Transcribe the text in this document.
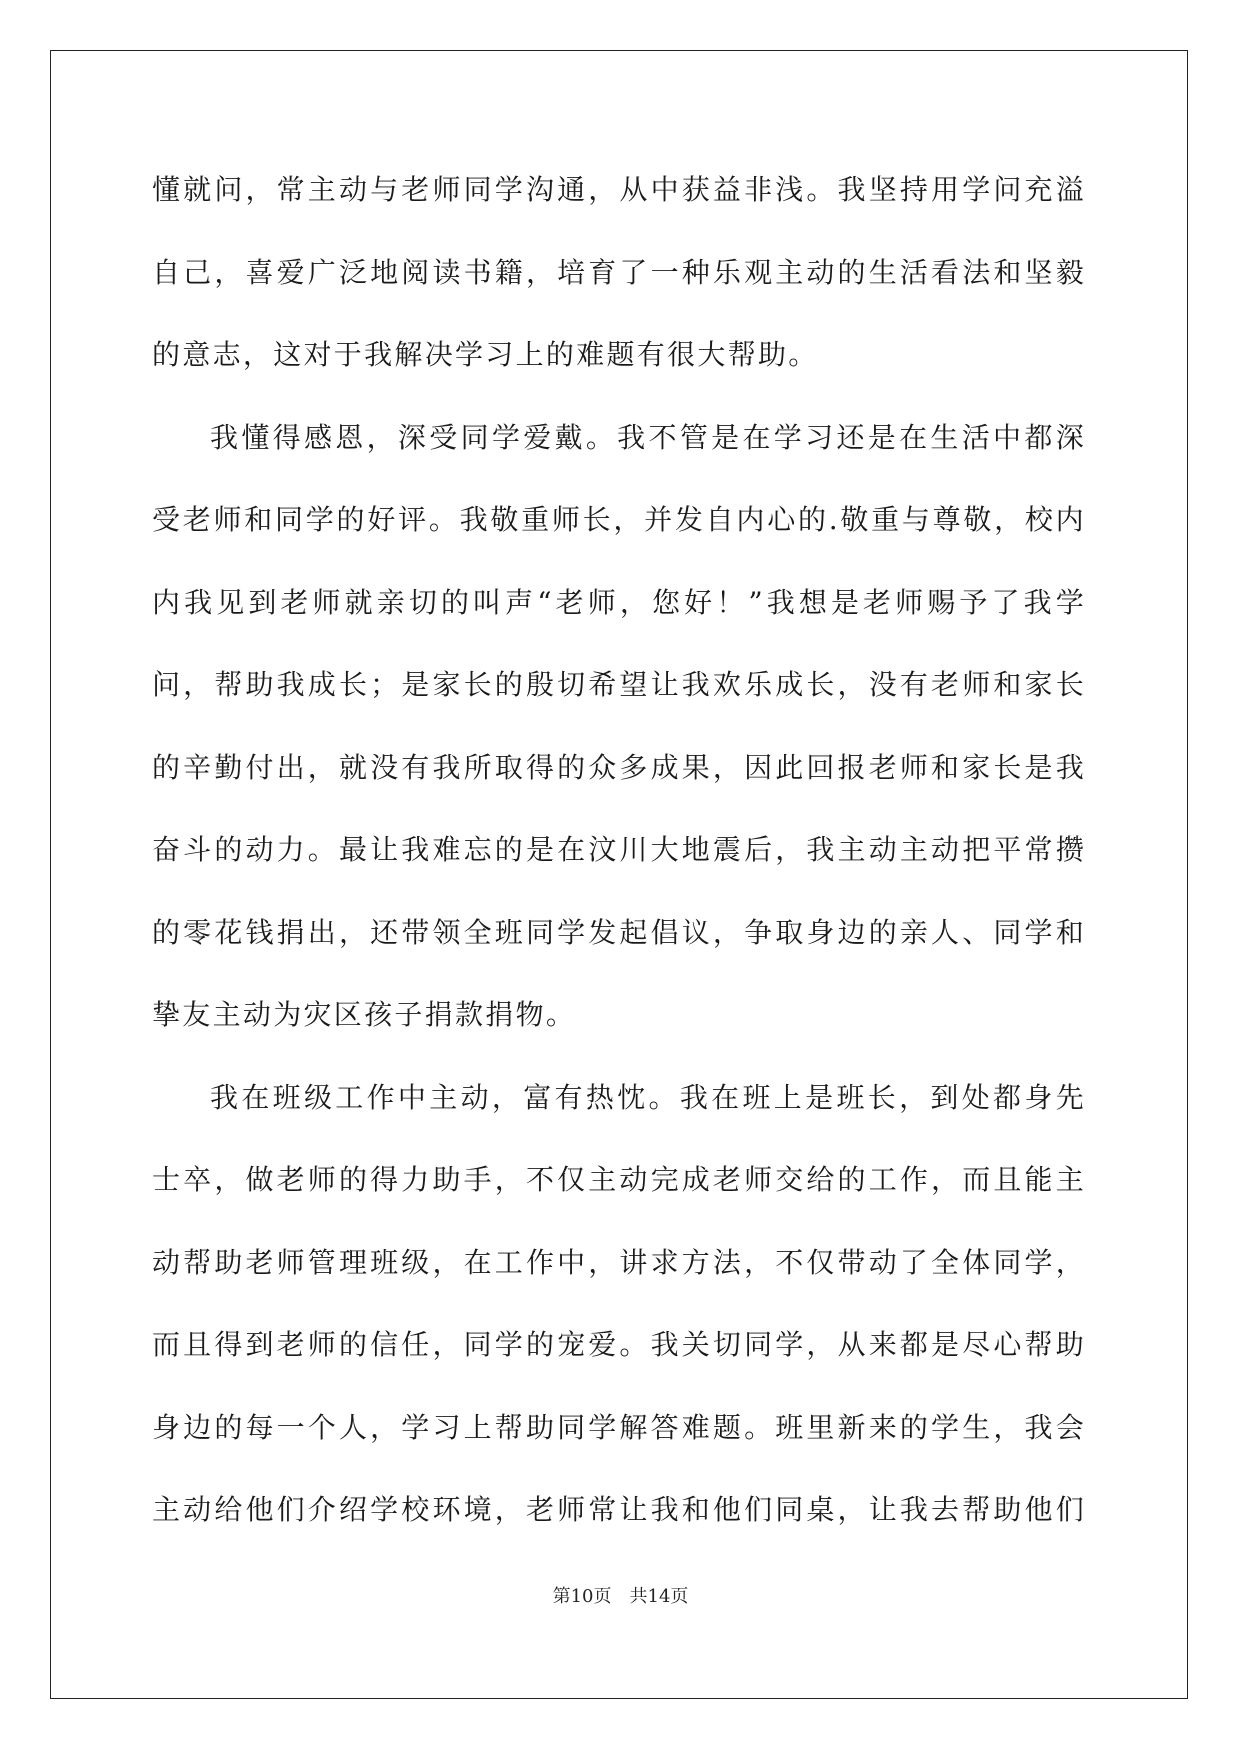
懂就问，常主动与老师同学沟通，从中获益非浅。我坚持用学问充溢
自己，喜爱广泛地阅读书籍，培育了一种乐观主动的生活看法和坚毅
的意志，这对于我解决学习上的难题有很大帮助。
我懂得感恩，深受同学爱戴。我不管是在学习还是在生活中都深
受老师和同学的好评。我敬重师长，并发自内心的.敬重与尊敬，校内
内我见到老师就亲切的叫声“老师，您好！”我想是老师赐予了我学
问，帮助我成长；是家长的殷切希望让我欢乐成长，没有老师和家长
的辛勤付出，就没有我所取得的众多成果，因此回报老师和家长是我
奋斗的动力。最让我难忘的是在汶川大地震后，我主动主动把平常攒
的零花钱捐出，还带领全班同学发起倡议，争取身边的亲人、同学和
挚友主动为灾区孩子捐款捐物。
我在班级工作中主动，富有热忱。我在班上是班长，到处都身先
士卒，做老师的得力助手，不仅主动完成老师交给的工作，而且能主
动帮助老师管理班级，在工作中，讲求方法，不仅带动了全体同学，
而且得到老师的信任，同学的宠爱。我关切同学，从来都是尽心帮助
身边的每一个人，学习上帮助同学解答难题。班里新来的学生，我会
主动给他们介绍学校环境，老师常让我和他们同桌，让我去帮助他们
第10页　共14页
